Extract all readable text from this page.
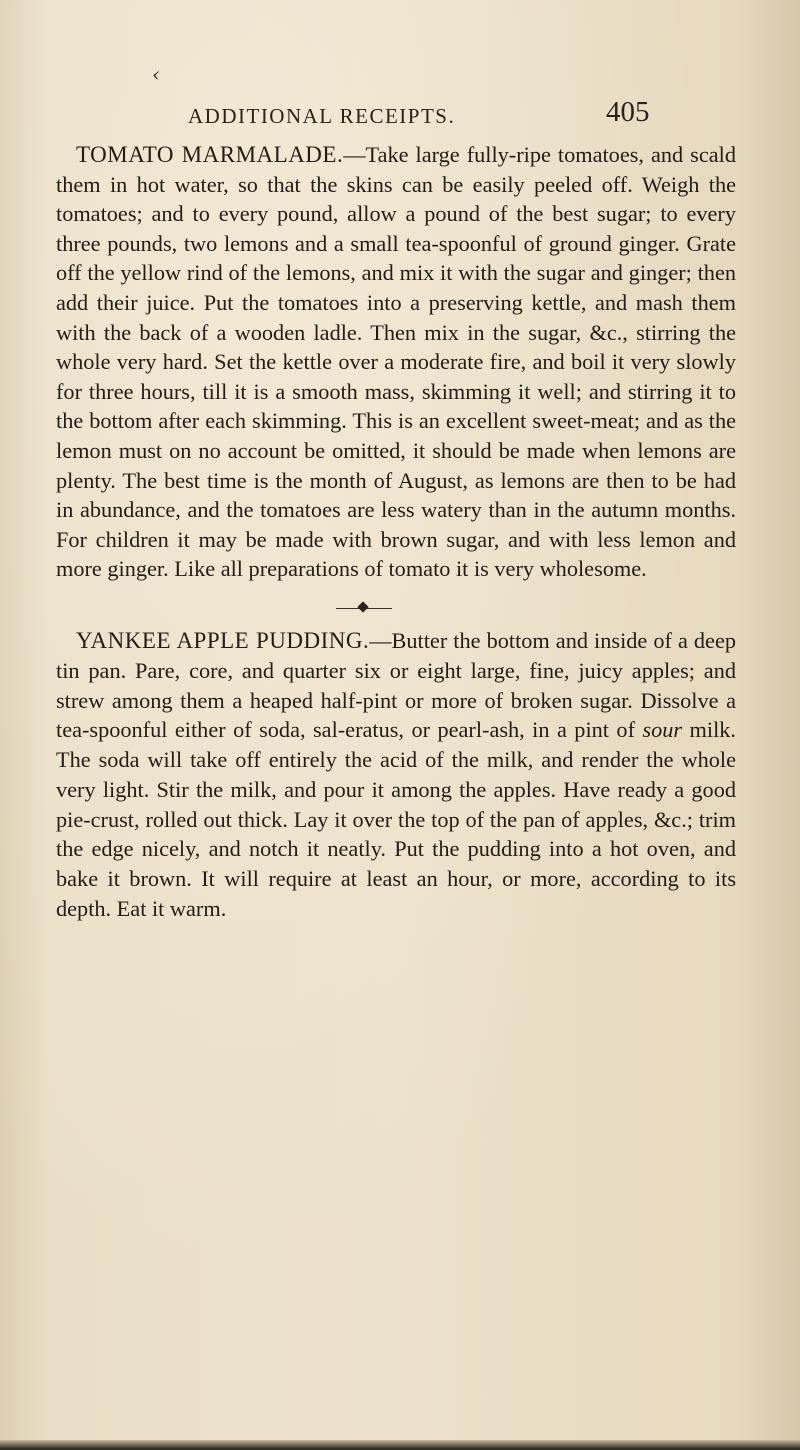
‹
ADDITIONAL RECEIPTS.	405

TOMATO MARMALADE.—Take large fully-ripe tomatoes, and scald them in hot water, so that the skins can be easily peeled off. Weigh the tomatoes; and to every pound, allow a pound of the best sugar; to every three pounds, two lemons and a small tea-spoonful of ground ginger. Grate off the yellow rind of the lemons, and mix it with the sugar and ginger; then add their juice. Put the tomatoes into a preserving kettle, and mash them with the back of a wooden ladle. Then mix in the sugar, &c., stirring the whole very hard. Set the kettle over a moderate fire, and boil it very slowly for three hours, till it is a smooth mass, skimming it well; and stirring it to the bottom after each skimming. This is an excellent sweet-meat; and as the lemon must on no account be omitted, it should be made when lemons are plenty. The best time is the month of August, as lemons are then to be had in abundance, and the tomatoes are less watery than in the autumn months. For children it may be made with brown sugar, and with less lemon and more ginger. Like all preparations of tomato it is very wholesome.

YANKEE APPLE PUDDING.—Butter the bottom and inside of a deep tin pan. Pare, core, and quarter six or eight large, fine, juicy apples; and strew among them a heaped half-pint or more of broken sugar. Dissolve a tea-spoonful either of soda, sal-eratus, or pearl-ash, in a pint of sour milk. The soda will take off entirely the acid of the milk, and render the whole very light. Stir the milk, and pour it among the apples. Have ready a good pie-crust, rolled out thick. Lay it over the top of the pan of apples, &c.; trim the edge nicely, and notch it neatly. Put the pudding into a hot oven, and bake it brown. It will require at least an hour, or more, according to its depth. Eat it warm.
